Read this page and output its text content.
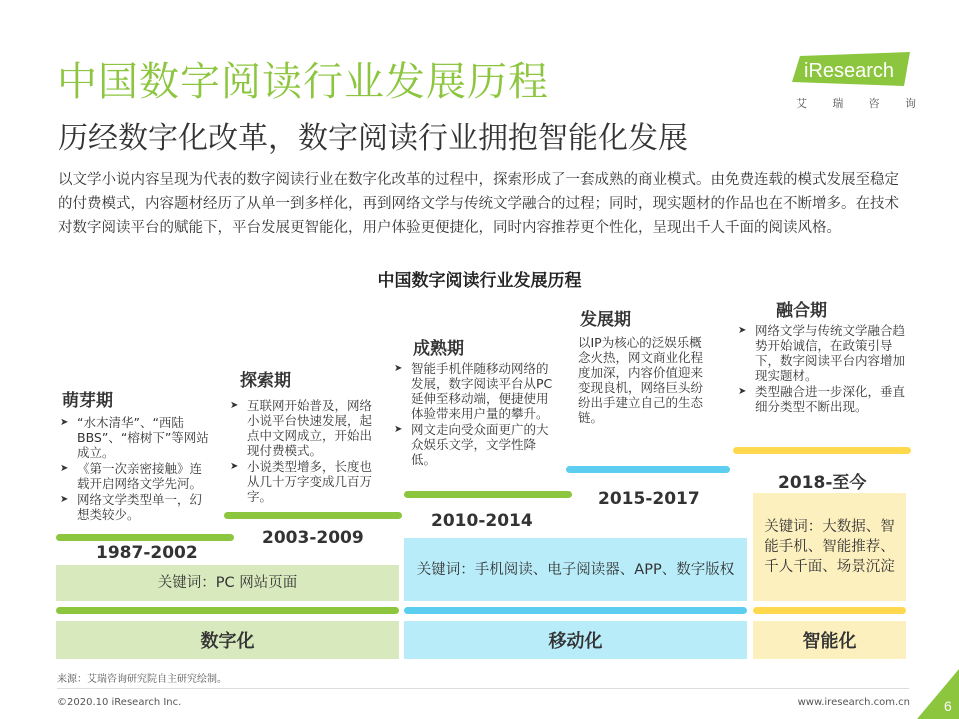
中国数字阅读行业发展历程
历经数字化改革，数字阅读行业拥抱智能化发展
iResearch
艾 瑞 咨 询
以文学小说内容呈现为代表的数字阅读行业在数字化改革的过程中，探索形成了一套成熟的商业模式。由免费连载的模式发展至稳定的付费模式，内容题材经历了从单一到多样化，再到网络文学与传统文学融合的过程；同时，现实题材的作品也在不断增多。在技术对数字阅读平台的赋能下，平台发展更智能化，用户体验更便捷化，同时内容推荐更个性化，呈现出千人千面的阅读风格。
中国数字阅读行业发展历程
萌芽期
➤ “水木清华”、“西陆BBS”、“榕树下”等网站成立。
➤ 《第一次亲密接触》连载开启网络文学先河。
➤ 网络文学类型单一，幻想类较少。
1987-2002
探索期
➤ 互联网开始普及，网络小说平台快速发展，起点中文网成立，开始出现付费模式。
➤ 小说类型增多，长度也从几十万字变成几百万字。
2003-2009
成熟期
➤ 智能手机伴随移动网络的发展，数字阅读平台从PC延伸至移动端，便捷使用体验带来用户量的攀升。
➤ 网文走向受众面更广的大众娱乐文学，文学性降低。
2010-2014
发展期
以IP为核心的泛娱乐概念火热，网文商业化程度加深，内容价值迎来变现良机，网络巨头纷纷出手建立自己的生态链。
2015-2017
融合期
➤ 网络文学与传统文学融合趋势开始诚信，在政策引导下，数字阅读平台内容增加现实题材。
➤ 类型融合进一步深化，垂直细分类型不断出现。
2018-至今
关键词：PC 网站页面
关键词：手机阅读、电子阅读器、APP、数字版权
关键词：大数据、智能手机、智能推荐、千人千面、场景沉淀
数字化	移动化	智能化
来源：艾瑞咨询研究院自主研究绘制。
©2020.10 iResearch Inc.	www.iresearch.com.cn 6
